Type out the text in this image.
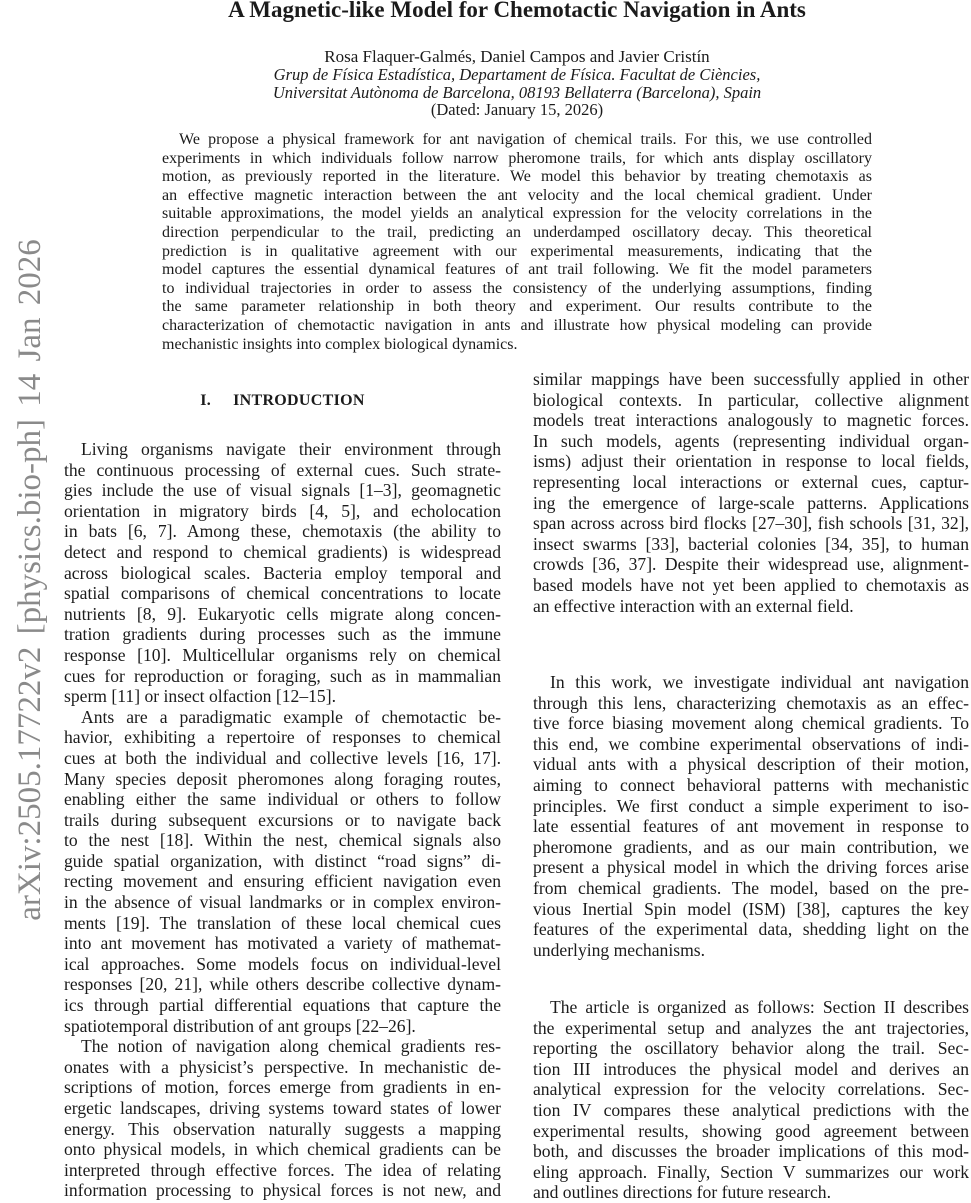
arXiv:2505.17722v2 [physics.bio-ph] 14 Jan 2026
A Magnetic-like Model for Chemotactic Navigation in Ants
Rosa Flaquer-Galmés, Daniel Campos and Javier Cristín
Grup de Física Estadística, Departament de Física. Facultat de Ciències,
Universitat Autònoma de Barcelona, 08193 Bellaterra (Barcelona), Spain
(Dated: January 15, 2026)
We propose a physical framework for ant navigation of chemical trails. For this, we use controlled
experiments in which individuals follow narrow pheromone trails, for which ants display oscillatory
motion, as previously reported in the literature. We model this behavior by treating chemotaxis as
an effective magnetic interaction between the ant velocity and the local chemical gradient. Under
suitable approximations, the model yields an analytical expression for the velocity correlations in the
direction perpendicular to the trail, predicting an underdamped oscillatory decay. This theoretical
prediction is in qualitative agreement with our experimental measurements, indicating that the
model captures the essential dynamical features of ant trail following. We fit the model parameters
to individual trajectories in order to assess the consistency of the underlying assumptions, finding
the same parameter relationship in both theory and experiment. Our results contribute to the
characterization of chemotactic navigation in ants and illustrate how physical modeling can provide
mechanistic insights into complex biological dynamics.
I. INTRODUCTION
Living organisms navigate their environment through
the continuous processing of external cues. Such strate-
gies include the use of visual signals [1–3], geomagnetic
orientation in migratory birds [4, 5], and echolocation
in bats [6, 7]. Among these, chemotaxis (the ability to
detect and respond to chemical gradients) is widespread
across biological scales. Bacteria employ temporal and
spatial comparisons of chemical concentrations to locate
nutrients [8, 9]. Eukaryotic cells migrate along concen-
tration gradients during processes such as the immune
response [10]. Multicellular organisms rely on chemical
cues for reproduction or foraging, such as in mammalian
sperm [11] or insect olfaction [12–15].
Ants are a paradigmatic example of chemotactic be-
havior, exhibiting a repertoire of responses to chemical
cues at both the individual and collective levels [16, 17].
Many species deposit pheromones along foraging routes,
enabling either the same individual or others to follow
trails during subsequent excursions or to navigate back
to the nest [18]. Within the nest, chemical signals also
guide spatial organization, with distinct “road signs” di-
recting movement and ensuring efficient navigation even
in the absence of visual landmarks or in complex environ-
ments [19]. The translation of these local chemical cues
into ant movement has motivated a variety of mathemat-
ical approaches. Some models focus on individual-level
responses [20, 21], while others describe collective dynam-
ics through partial differential equations that capture the
spatiotemporal distribution of ant groups [22–26].
The notion of navigation along chemical gradients res-
onates with a physicist’s perspective. In mechanistic de-
scriptions of motion, forces emerge from gradients in en-
ergetic landscapes, driving systems toward states of lower
energy. This observation naturally suggests a mapping
onto physical models, in which chemical gradients can be
interpreted through effective forces. The idea of relating
information processing to physical forces is not new, and
similar mappings have been successfully applied in other
biological contexts. In particular, collective alignment
models treat interactions analogously to magnetic forces.
In such models, agents (representing individual organ-
isms) adjust their orientation in response to local fields,
representing local interactions or external cues, captur-
ing the emergence of large-scale patterns. Applications
span across across bird flocks [27–30], fish schools [31, 32],
insect swarms [33], bacterial colonies [34, 35], to human
crowds [36, 37]. Despite their widespread use, alignment-
based models have not yet been applied to chemotaxis as
an effective interaction with an external field.
In this work, we investigate individual ant navigation
through this lens, characterizing chemotaxis as an effec-
tive force biasing movement along chemical gradients. To
this end, we combine experimental observations of indi-
vidual ants with a physical description of their motion,
aiming to connect behavioral patterns with mechanistic
principles. We first conduct a simple experiment to iso-
late essential features of ant movement in response to
pheromone gradients, and as our main contribution, we
present a physical model in which the driving forces arise
from chemical gradients. The model, based on the pre-
vious Inertial Spin model (ISM) [38], captures the key
features of the experimental data, shedding light on the
underlying mechanisms.
The article is organized as follows: Section II describes
the experimental setup and analyzes the ant trajectories,
reporting the oscillatory behavior along the trail. Sec-
tion III introduces the physical model and derives an
analytical expression for the velocity correlations. Sec-
tion IV compares these analytical predictions with the
experimental results, showing good agreement between
both, and discusses the broader implications of this mod-
eling approach. Finally, Section V summarizes our work
and outlines directions for future research.
